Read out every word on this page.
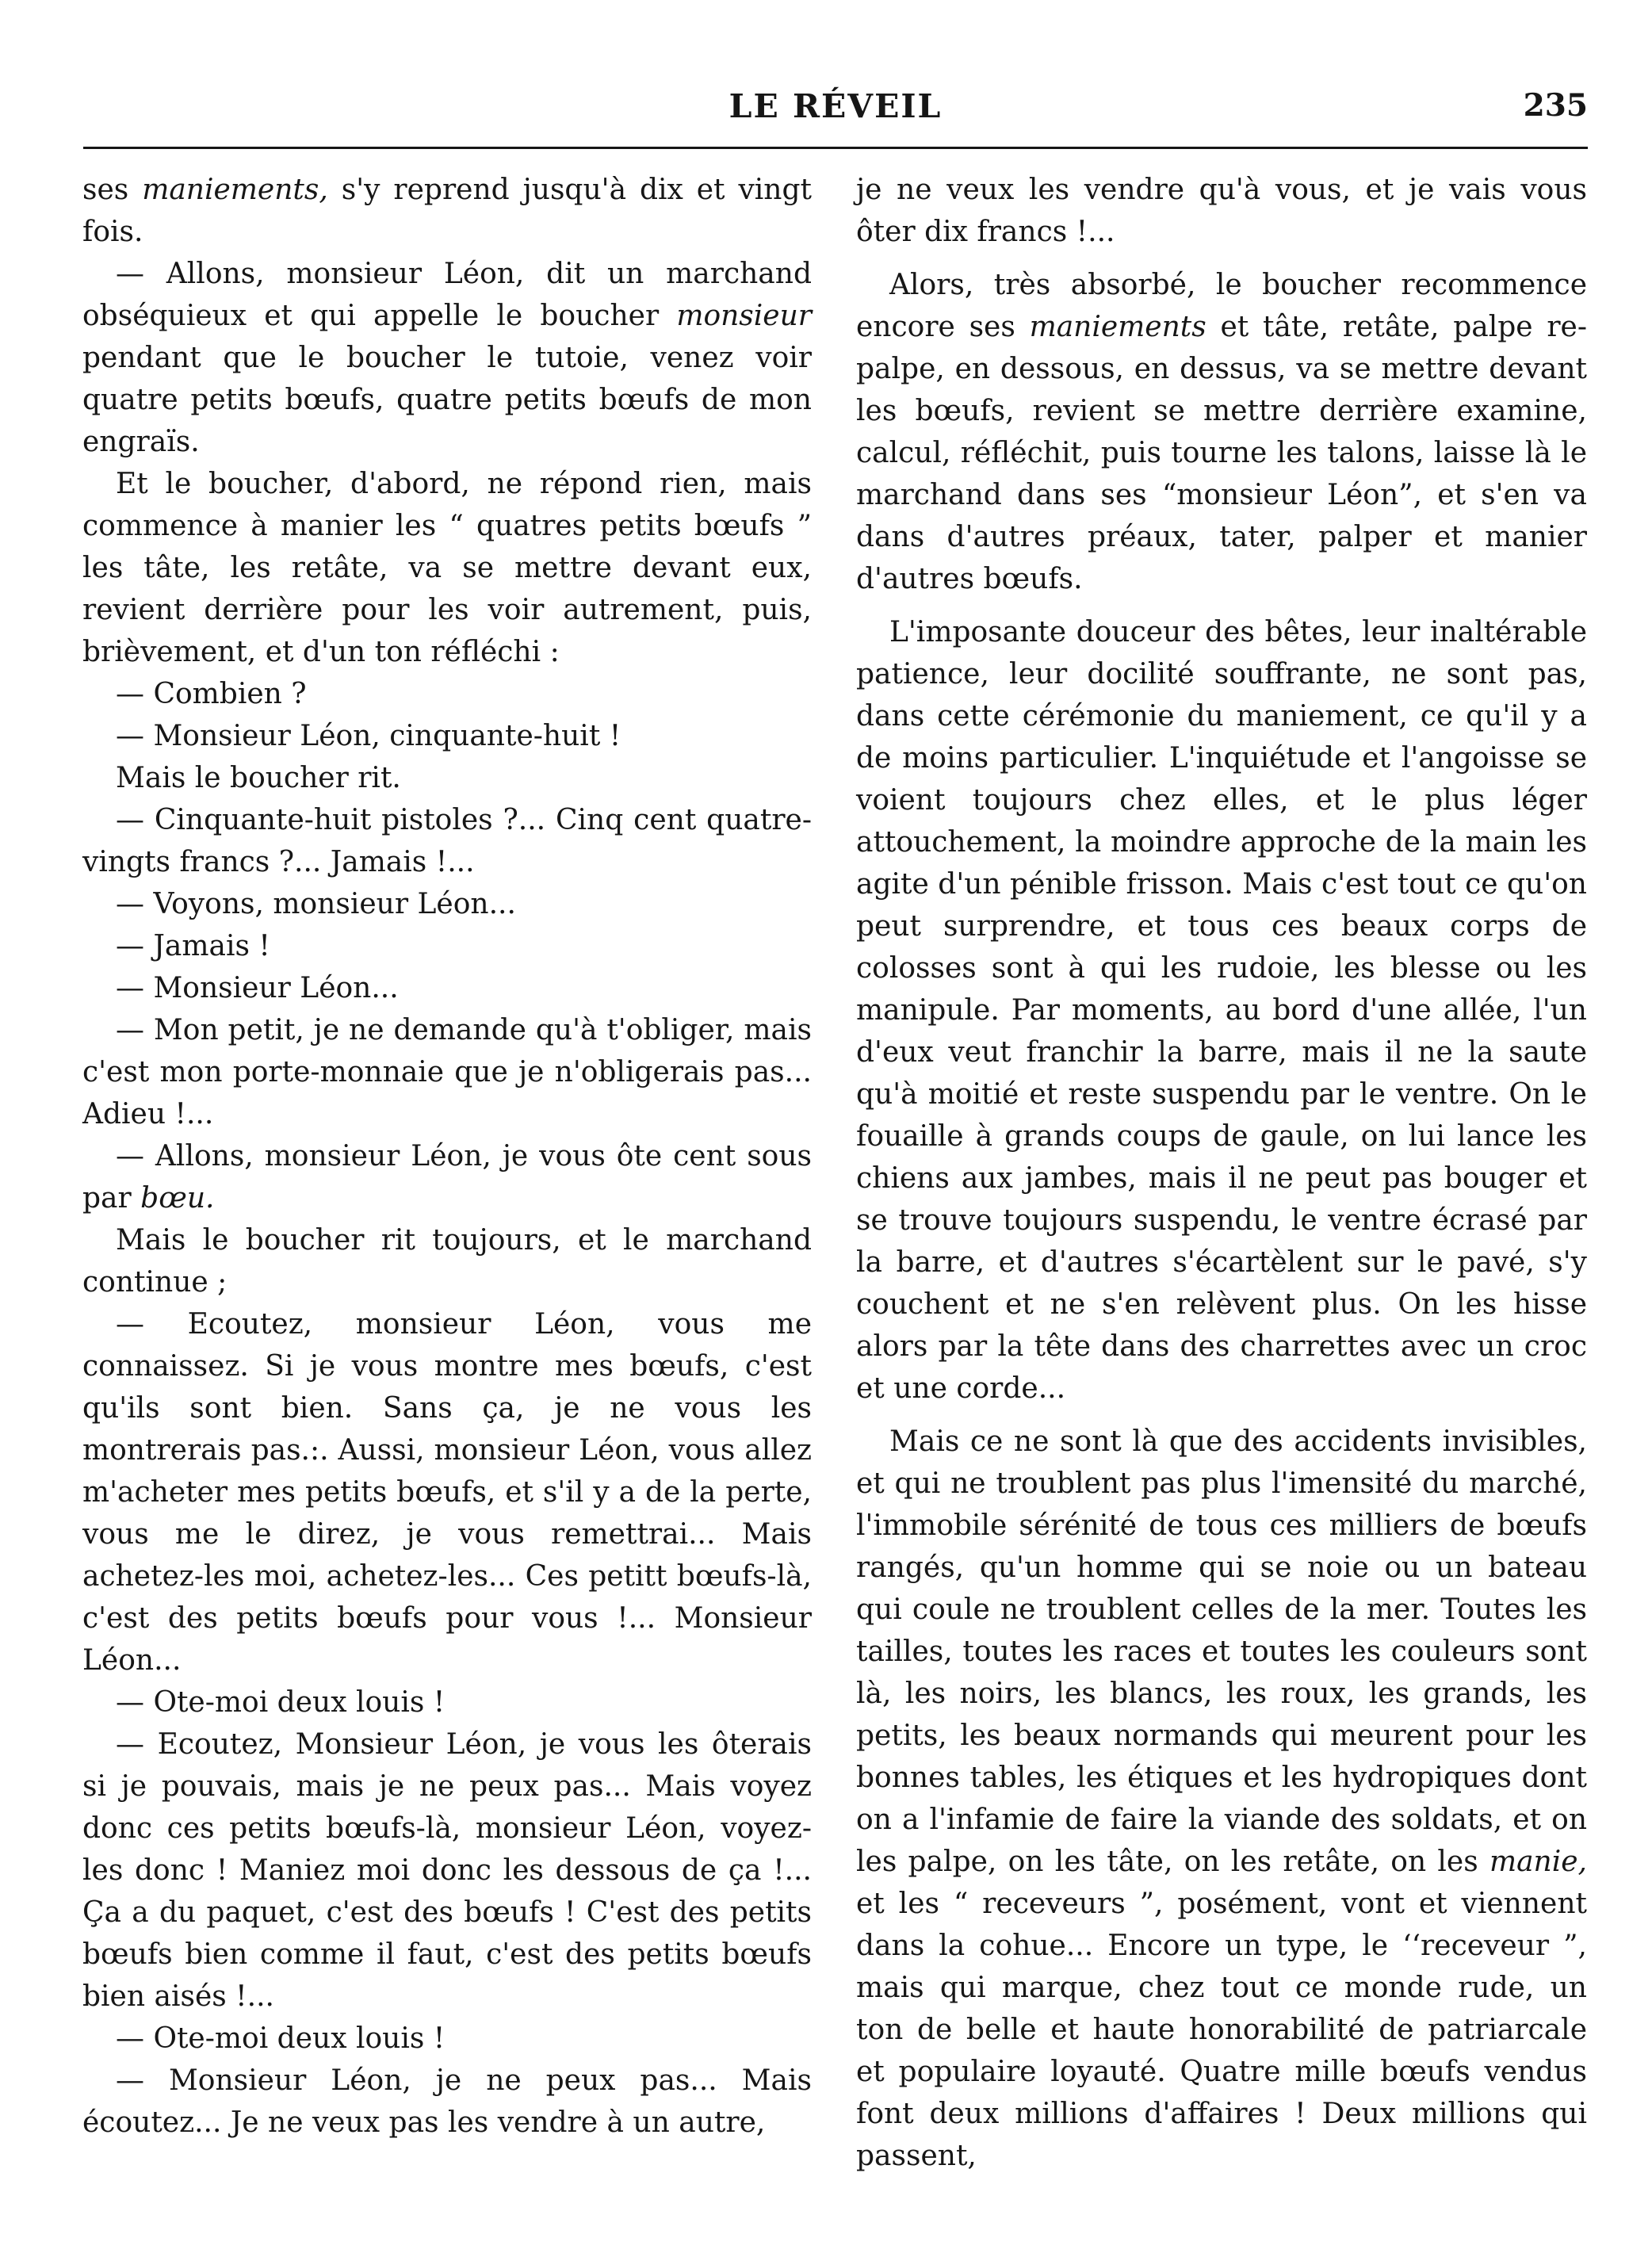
LE RÉVEIL	235

ses maniements, s'y reprend jusqu'à dix et vingt fois.

— Allons, monsieur Léon, dit un marchand obséquieux et qui appelle le boucher monsieur pendant que le boucher le tutoie, venez voir quatre petits bœufs, quatre petits bœufs de mon engraïs.

Et le boucher, d'abord, ne répond rien, mais commence à manier les “ quatres petits bœufs ” les tâte, les retâte, va se mettre devant eux, revient derrière pour les voir autrement, puis, brièvement, et d'un ton réfléchi :

— Combien ?

— Monsieur Léon, cinquante-huit !

Mais le boucher rit.

— Cinquante-huit pistoles ?... Cinq cent quatre-vingts francs ?... Jamais !...

— Voyons, monsieur Léon...

— Jamais !

— Monsieur Léon...

— Mon petit, je ne demande qu'à t'obliger, mais c'est mon porte-monnaie que je n'obligerais pas... Adieu !...

— Allons, monsieur Léon, je vous ôte cent sous par bœu.

Mais le boucher rit toujours, et le marchand continue ;

— Ecoutez, monsieur Léon, vous me connaissez. Si je vous montre mes bœufs, c'est qu'ils sont bien. Sans ça, je ne vous les montrerais pas.:. Aussi, monsieur Léon, vous allez m'acheter mes petits bœufs, et s'il y a de la perte, vous me le direz, je vous remettrai... Mais achetez-les moi, achetez-les... Ces petitt bœufs-là, c'est des petits bœufs pour vous !... Monsieur Léon...

— Ote-moi deux louis !

— Ecoutez, Monsieur Léon, je vous les ôterais si je pouvais, mais je ne peux pas... Mais voyez donc ces petits bœufs-là, monsieur Léon, voyez-les donc ! Maniez moi donc les dessous de ça !... Ça a du paquet, c'est des bœufs ! C'est des petits bœufs bien comme il faut, c'est des petits bœufs bien aisés !...

— Ote-moi deux louis !

— Monsieur Léon, je ne peux pas... Mais écoutez... Je ne veux pas les vendre à un autre,

je ne veux les vendre qu'à vous, et je vais vous ôter dix francs !...

Alors, très absorbé, le boucher recommence encore ses maniements et tâte, retâte, palpe re-palpe, en dessous, en dessus, va se mettre devant les bœufs, revient se mettre derrière examine, calcul, réfléchit, puis tourne les talons, laisse là le marchand dans ses “monsieur Léon”, et s'en va dans d'autres préaux, tater, palper et manier d'autres bœufs.

L'imposante douceur des bêtes, leur inaltérable patience, leur docilité souffrante, ne sont pas, dans cette cérémonie du maniement, ce qu'il y a de moins particulier. L'inquiétude et l'angoisse se voient toujours chez elles, et le plus léger attouchement, la moindre approche de la main les agite d'un pénible frisson. Mais c'est tout ce qu'on peut surprendre, et tous ces beaux corps de colosses sont à qui les rudoie, les blesse ou les manipule. Par moments, au bord d'une allée, l'un d'eux veut franchir la barre, mais il ne la saute qu'à moitié et reste suspendu par le ventre. On le fouaille à grands coups de gaule, on lui lance les chiens aux jambes, mais il ne peut pas bouger et se trouve toujours suspendu, le ventre écrasé par la barre, et d'autres s'écartèlent sur le pavé, s'y couchent et ne s'en relèvent plus. On les hisse alors par la tête dans des charrettes avec un croc et une corde...

Mais ce ne sont là que des accidents invisibles, et qui ne troublent pas plus l'imensité du marché, l'immobile sérénité de tous ces milliers de bœufs rangés, qu'un homme qui se noie ou un bateau qui coule ne troublent celles de la mer. Toutes les tailles, toutes les races et toutes les couleurs sont là, les noirs, les blancs, les roux, les grands, les petits, les beaux normands qui meurent pour les bonnes tables, les étiques et les hydropiques dont on a l'infamie de faire la viande des soldats, et on les palpe, on les tâte, on les retâte, on les manie, et les “ receveurs ”, posément, vont et viennent dans la cohue... Encore un type, le ‘‘receveur ”, mais qui marque, chez tout ce monde rude, un ton de belle et haute honorabilité de patriarcale et populaire loyauté. Quatre mille bœufs vendus font deux millions d'affaires ! Deux millions qui passent,
